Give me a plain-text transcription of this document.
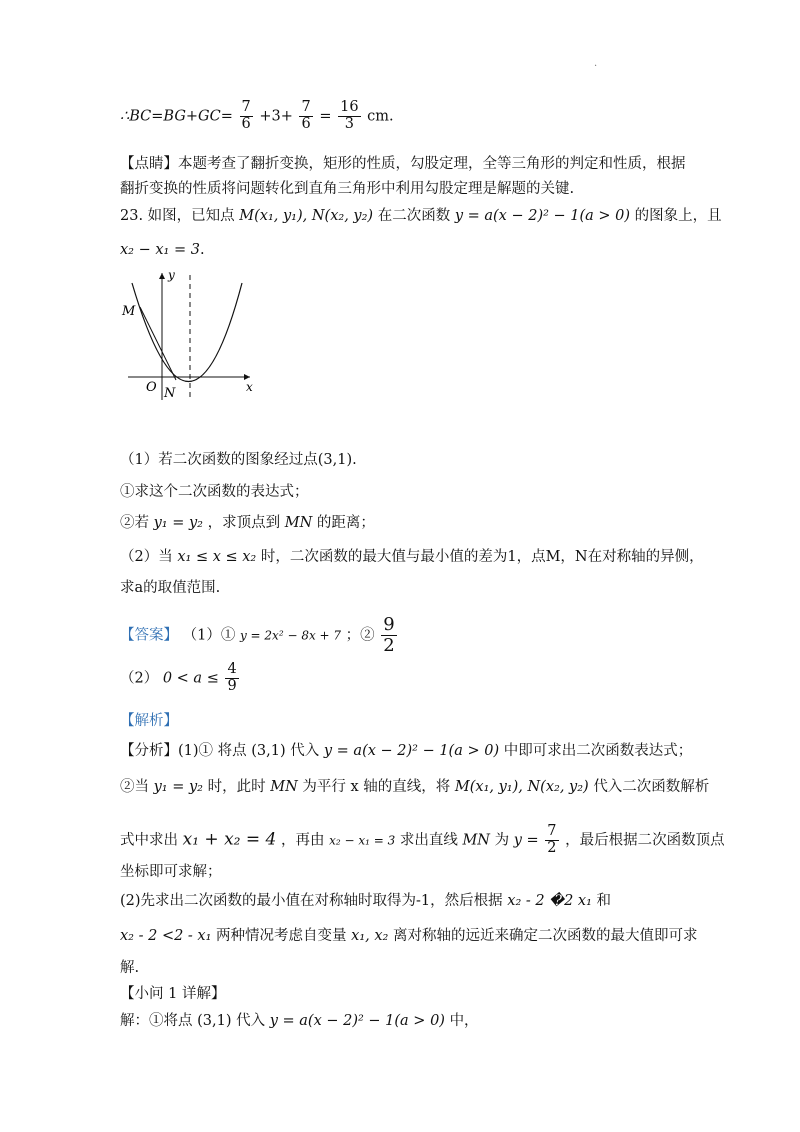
.
∴BC=BG+GC= $\frac{7}{6} +3+ \frac{7}{6} = \frac{16}{3}$ cm.
【点睛】本题考查了翻折变换，矩形的性质，勾股定理，全等三角形的判定和性质，根据
翻折变换的性质将问题转化到直角三角形中利用勾股定理是解题的关键.
23. 如图，已知点 M(x₁, y₁), N(x₂, y₂) 在二次函数 y = a(x − 2)² − 1(a > 0) 的图象上，且
x₂ − x₁ = 3.
y
x
M
O N
（1）若二次函数的图象经过点(3,1).
①求这个二次函数的表达式；
②若 y₁ = y₂ ，求顶点到 MN 的距离；
（2）当 x₁ ≤ x ≤ x₂ 时，二次函数的最大值与最小值的差为1，点M，N在对称轴的异侧，
求a的取值范围.
【答案】 （1）① y = 2x² − 8x + 7 ；② $\frac{9}{2}$
（2） $0 < a \le \frac{4}{9}$
【解析】
【分析】(1)① 将点 (3,1) 代入 y = a(x − 2)² − 1(a > 0) 中即可求出二次函数表达式；
②当 y₁ = y₂ 时，此时 MN 为平行 x 轴的直线，将 M(x₁, y₁), N(x₂, y₂) 代入二次函数解析
式中求出 x₁ + x₂ = 4 ，再由 x₂ − x₁ = 3 求出直线 MN 为 $y = \frac{7}{2}$ ，最后根据二次函数顶点
坐标即可求解；
(2)先求出二次函数的最小值在对称轴时取得为-1，然后根据 x₂ - 2 �2 x₁ 和
x₂ - 2 <2 - x₁ 两种情况考虑自变量 x₁, x₂ 离对称轴的远近来确定二次函数的最大值即可求
解.
【小问 1 详解】
解：①将点 (3,1) 代入 y = a(x − 2)² − 1(a > 0) 中，
